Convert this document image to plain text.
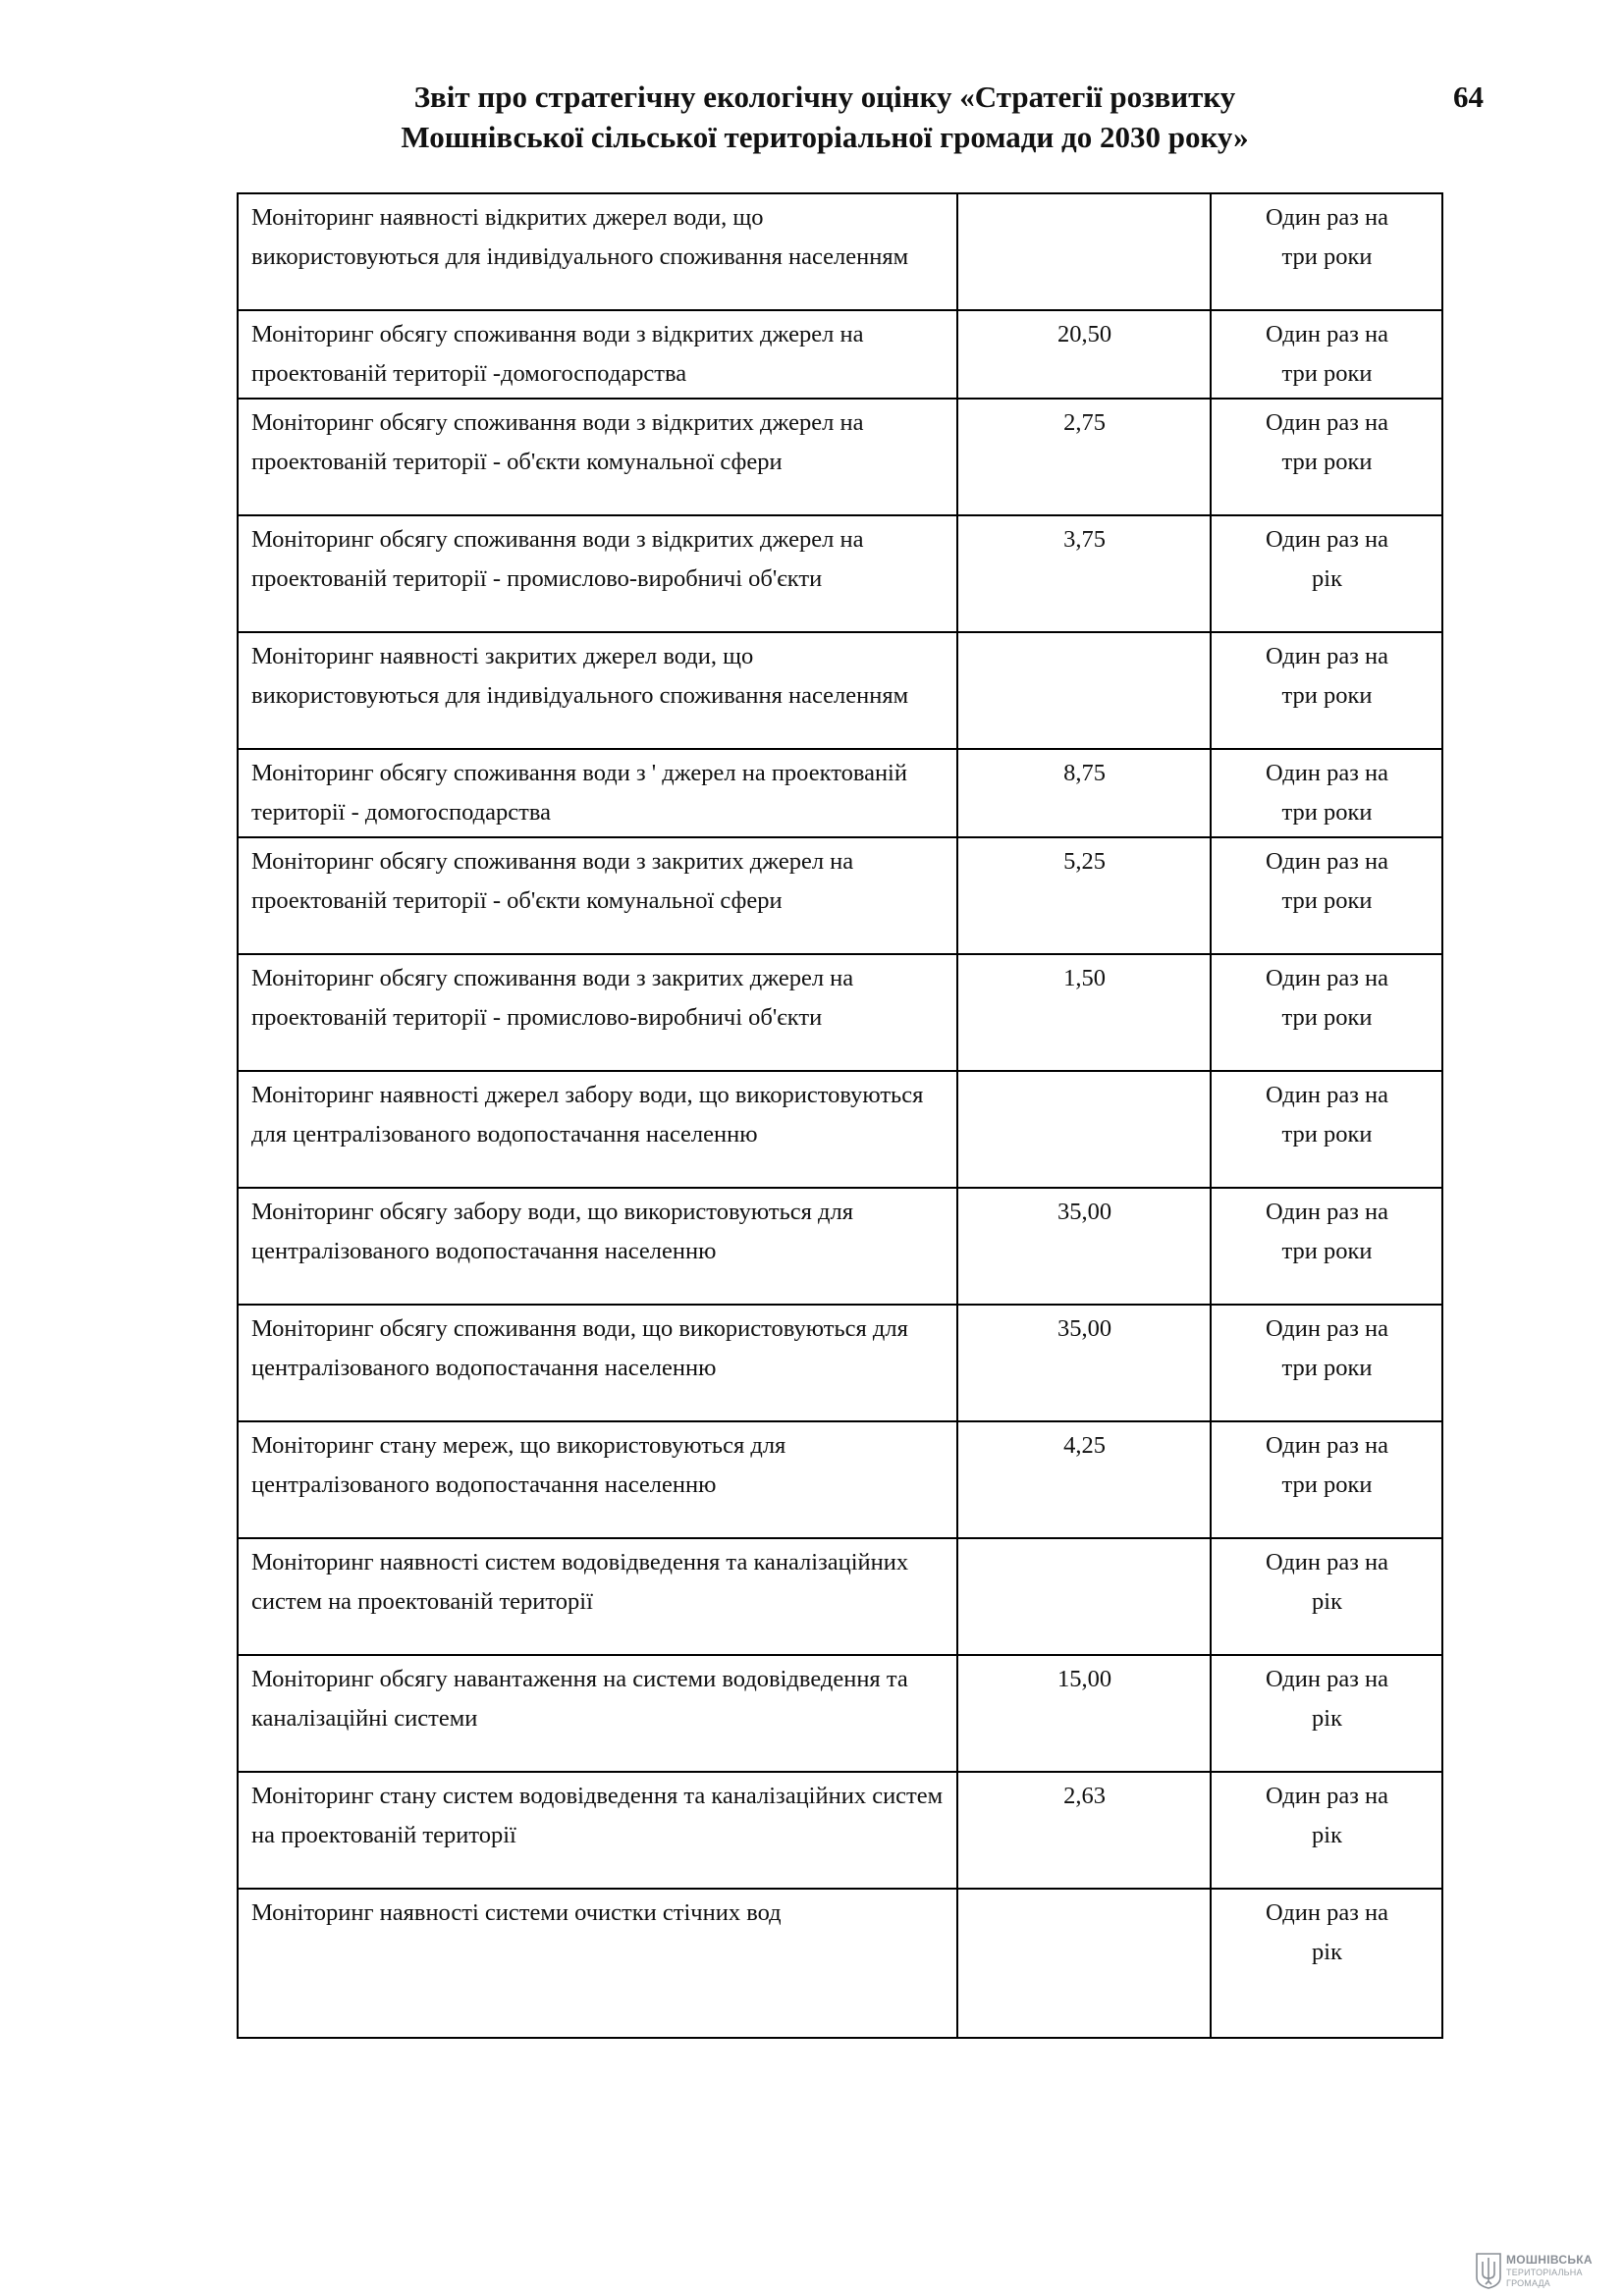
Звіт про стратегічну екологічну оцінку «Стратегії розвитку
Мошнівської сільської територіальної громади до 2030 року»
64
Моніторинг наявності відкритих джерел води, що використовуються для індивідуального споживання населенням		Один раз на
три роки

Моніторинг обсягу споживання води з відкритих джерел на проектованій території -домогосподарства	20,50	Один раз на
три роки

Моніторинг обсягу споживання води з відкритих джерел на проектованій території - об'єкти комунальної сфери	2,75	Один раз на
три роки

Моніторинг обсягу споживання води з відкритих джерел на проектованій території - промислово-виробничі об'єкти	3,75	Один раз на
рік

Моніторинг наявності закритих джерел води, що використовуються для індивідуального споживання населенням		Один раз на
три роки

Моніторинг обсягу споживання води з ' джерел на проектованій території - домогосподарства	8,75	Один раз на
три роки

Моніторинг обсягу споживання води з закритих джерел на проектованій території - об'єкти комунальної сфери	5,25	Один раз на
три роки

Моніторинг обсягу споживання води з закритих джерел на проектованій території - промислово-виробничі об'єкти	1,50	Один раз на
три роки

Моніторинг наявності джерел забору води, що використовуються для централізованого водопостачання населенню		Один раз на
три роки

Моніторинг обсягу забору води, що використовуються для централізованого водопостачання населенню	35,00	Один раз на
три роки

Моніторинг обсягу споживання води, що використовуються для централізованого водопостачання населенню	35,00	Один раз на
три роки

Моніторинг стану мереж, що використовуються для централізованого водопостачання населенню	4,25	Один раз на
три роки

Моніторинг наявності систем водовідведення та каналізаційних систем на проектованій території		Один раз на
рік

Моніторинг обсягу навантаження на системи водовідведення та каналізаційні системи	15,00	Один раз на
рік

Моніторинг стану систем водовідведення та каналізаційних систем на проектованій території	2,63	Один раз на
рік

Моніторинг наявності системи очистки стічних вод		Один раз на
рік
МОШНІВСЬКА
ТЕРИТОРІАЛЬНА
ГРОМАДА
